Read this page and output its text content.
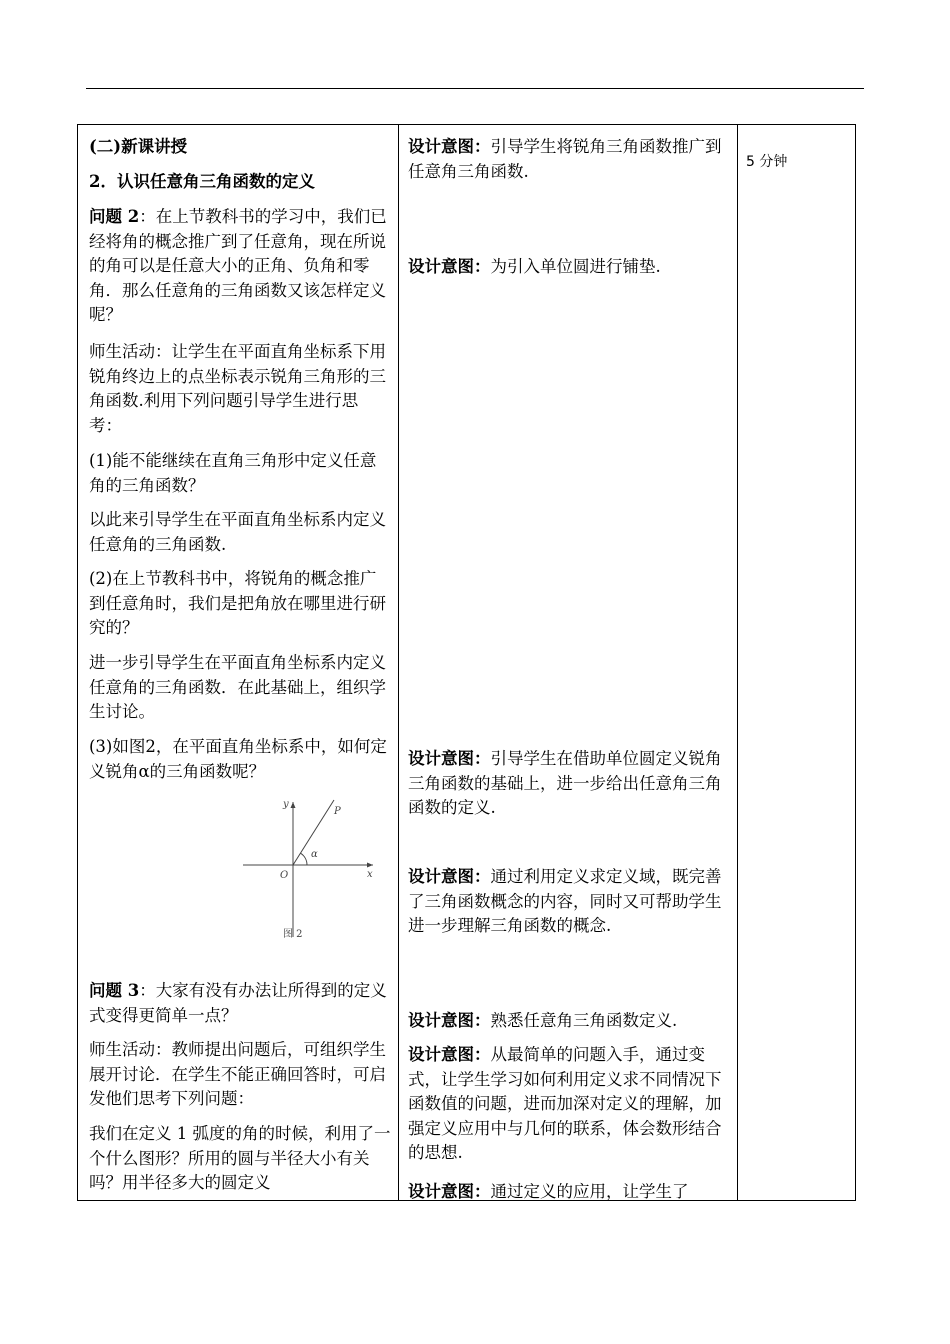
(二)新课讲授
2．认识任意角三角函数的定义
问题 2：在上节教科书的学习中，我们已经将角的概念推广到了任意角，现在所说的角可以是任意大小的正角、负角和零角．那么任意角的三角函数又该怎样定义呢？
师生活动：让学生在平面直角坐标系下用锐角终边上的点坐标表示锐角三角形的三角函数.利用下列问题引导学生进行思考：
(1)能不能继续在直角三角形中定义任意角的三角函数？
以此来引导学生在平面直角坐标系内定义任意角的三角函数.
(2)在上节教科书中，将锐角的概念推广到任意角时，我们是把角放在哪里进行研究的？
进一步引导学生在平面直角坐标系内定义任意角的三角函数．在此基础上，组织学生讨论。
(3)如图2，在平面直角坐标系中，如何定义锐角α的三角函数呢？
y
x
O
P
α
图 2
问题 3：大家有没有办法让所得到的定义式变得更简单一点？
师生活动：教师提出问题后，可组织学生展开讨论．在学生不能正确回答时，可启发他们思考下列问题：
我们在定义 1 弧度的角的时候，利用了一个什么图形？所用的圆与半径大小有关吗？用半径多大的圆定义
设计意图：引导学生将锐角三角函数推广到任意角三角函数.
设计意图：为引入单位圆进行铺垫.
设计意图：引导学生在借助单位圆定义锐角三角函数的基础上，进一步给出任意角三角函数的定义.
设计意图：通过利用定义求定义域，既完善了三角函数概念的内容，同时又可帮助学生进一步理解三角函数的概念.
设计意图：熟悉任意角三角函数定义.
设计意图：从最简单的问题入手，通过变式，让学生学习如何利用定义求不同情况下函数值的问题，进而加深对定义的理解，加强定义应用中与几何的联系，体会数形结合的思想.
设计意图：通过定义的应用，让学生了
5 分钟
